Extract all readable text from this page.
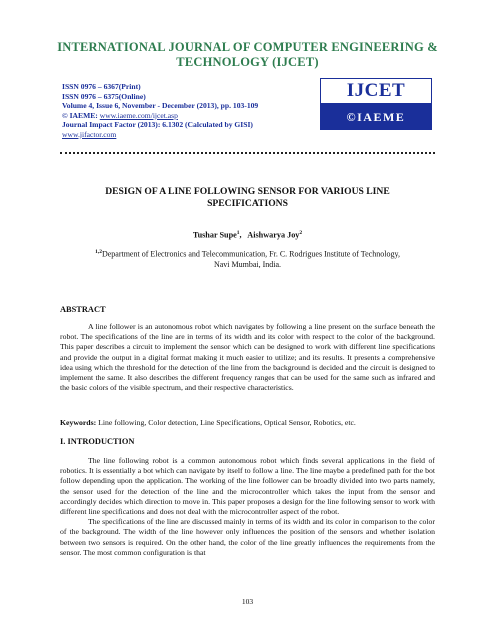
INTERNATIONAL JOURNAL OF COMPUTER ENGINEERING &
TECHNOLOGY (IJCET)
ISSN 0976 – 6367(Print)
ISSN 0976 – 6375(Online)
Volume 4, Issue 6, November - December (2013), pp. 103-109
© IAEME: www.iaeme.com/ijcet.asp
Journal Impact Factor (2013): 6.1302 (Calculated by GISI)
www.jifactor.com
IJCET
©IAEME
DESIGN OF A LINE FOLLOWING SENSOR FOR VARIOUS LINE
SPECIFICATIONS
Tushar Supe$^1$,   Aishwarya Joy$^2$
$^{1,2}$Department of Electronics and Telecommunication, Fr. C. Rodrigues Institute of Technology,
Navi Mumbai, India.
ABSTRACT
A line follower is an autonomous robot which navigates by following a line present on the surface beneath the robot. The specifications of the line are in terms of its width and its color with respect to the color of the background. This paper describes a circuit to implement the sensor which can be designed to work with different line specifications and provide the output in a digital format making it much easier to utilize; and its results. It presents a comprehensive idea using which the threshold for the detection of the line from the background is decided and the circuit is designed to implement the same. It also describes the different frequency ranges that can be used for the same such as infrared and the basic colors of the visible spectrum, and their respective characteristics.
Keywords: Line following, Color detection, Line Specifications, Optical Sensor, Robotics, etc.
I. INTRODUCTION

The line following robot is a common autonomous robot which finds several applications in the field of robotics. It is essentially a bot which can navigate by itself to follow a line. The line maybe a predefined path for the bot follow depending upon the application. The working of the line follower can be broadly divided into two parts namely, the sensor used for the detection of the line and the microcontroller which takes the input from the sensor and accordingly decides which direction to move in. This paper proposes a design for the line following sensor to work with different line specifications and does not deal with the microcontroller aspect of the robot.

The specifications of the line are discussed mainly in terms of its width and its color in comparison to the color of the background. The width of the line however only influences the position of the sensors and whether isolation between two sensors is required. On the other hand, the color of the line greatly influences the requirements from the sensor. The most common configuration is that

103
